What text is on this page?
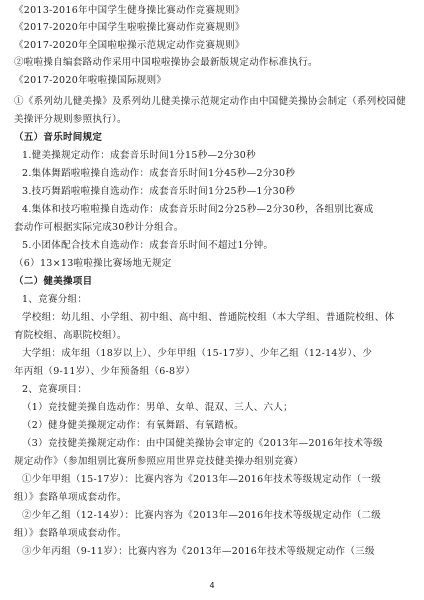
《2013-2016年中国学生健身操比赛动作竞赛规则》
《2017-2020年中国学生啦啦操比赛动作竞赛规则》
《2017-2020年全国啦啦操示范规定动作竞赛规则》
②啦啦操自编套路动作采用中国啦啦操协会最新版规定动作标准执行。
《2017-2020年啦啦操国际规则》
①《系列幼儿健美操》及系列幼儿健美操示范规定动作由中国健美操协会制定（系列校园健
美操评分规则参照执行）。
（五）音乐时间规定
1.健美操规定动作：成套音乐时间1分15秒—2分30秒
2.集体舞蹈啦啦操自选动作：成套音乐时间1分45秒—2分30秒
3.技巧舞蹈啦啦操自选动作：成套音乐时间1分25秒—1分30秒
4.集体和技巧啦啦操自选动作：成套音乐时间2分25秒—2分30秒，各组别比赛成
套动作可根据实际完成30秒计分组合。
5.小团体配合技术自选动作：成套音乐时间不超过1分钟。
（6）13×13啦啦操比赛场地无规定
（二）健美操项目
1、竞赛分组：
学校组：幼儿组、小学组、初中组、高中组、普通院校组（本大学组、普通院校组、体
育院校组、高职院校组）。
大学组：成年组（18岁以上）、少年甲组（15-17岁）、少年乙组（12-14岁）、少
年丙组（9-11岁）、少年预备组（6-8岁）
2、竞赛项目：
（1）竞技健美操自选动作：男单、女单、混双、三人、六人；
（2）健身健美操规定动作：有氧舞蹈、有氧踏板。
（3）竞技健美操规定动作：由中国健美操协会审定的《2013年—2016年技术等级
规定动作》（参加组别比赛所参照应用世界竞技健美操办组别竞赛）
①少年甲组（15-17岁）：比赛内容为《2013年—2016年技术等级规定动作（一级
组）》套路单项成套动作。
②少年乙组（12-14岁）：比赛内容为《2013年—2016年技术等级规定动作（二级
组）》套路单项成套动作。
③少年丙组（9-11岁）：比赛内容为《2013年—2016年技术等级规定动作（三级
4
